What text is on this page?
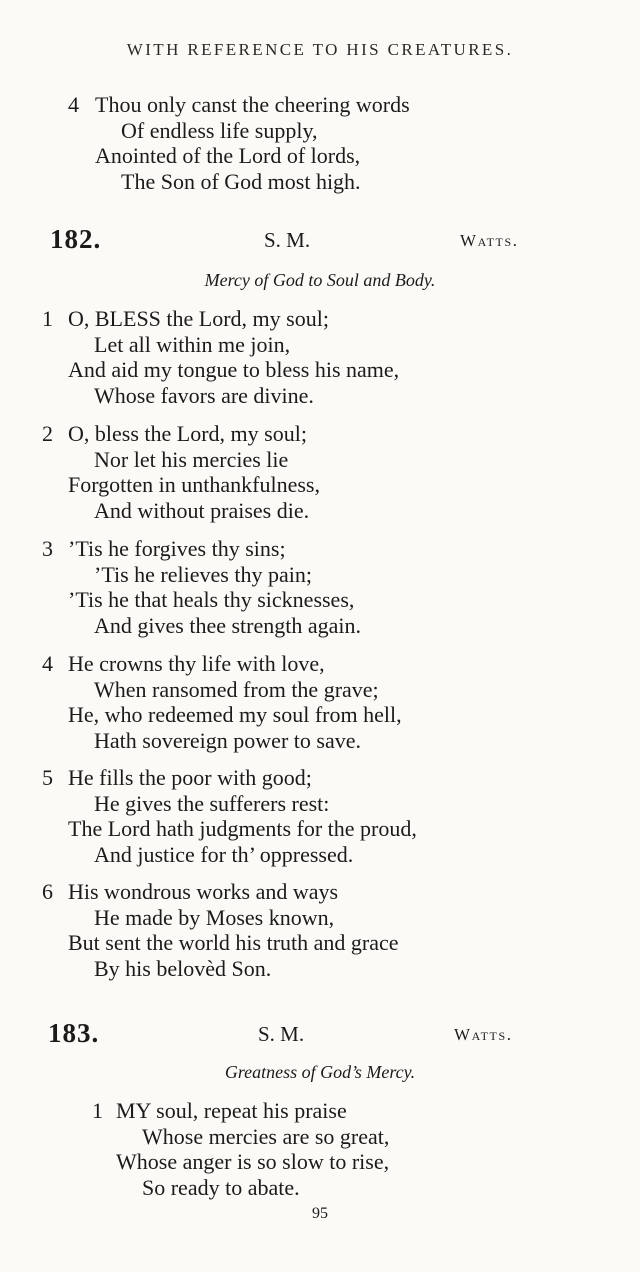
WITH REFERENCE TO HIS CREATURES.
4 Thou only canst the cheering words
Of endless life supply,
Anointed of the Lord of lords,
The Son of God most high.
182.	S. M.	Watts.
Mercy of God to Soul and Body.
1 O, BLESS the Lord, my soul;
Let all within me join,
And aid my tongue to bless his name,
Whose favors are divine.
2 O, bless the Lord, my soul;
Nor let his mercies lie
Forgotten in unthankfulness,
And without praises die.
3 ’Tis he forgives thy sins;
’Tis he relieves thy pain;
’Tis he that heals thy sicknesses,
And gives thee strength again.
4 He crowns thy life with love,
When ransomed from the grave;
He, who redeemed my soul from hell,
Hath sovereign power to save.
5 He fills the poor with good;
He gives the sufferers rest:
The Lord hath judgments for the proud,
And justice for th’ oppressed.
6 His wondrous works and ways
He made by Moses known,
But sent the world his truth and grace
By his belovèd Son.
183.	S. M.	Watts.
Greatness of God’s Mercy.
1 MY soul, repeat his praise
Whose mercies are so great,
Whose anger is so slow to rise,
So ready to abate.
95
